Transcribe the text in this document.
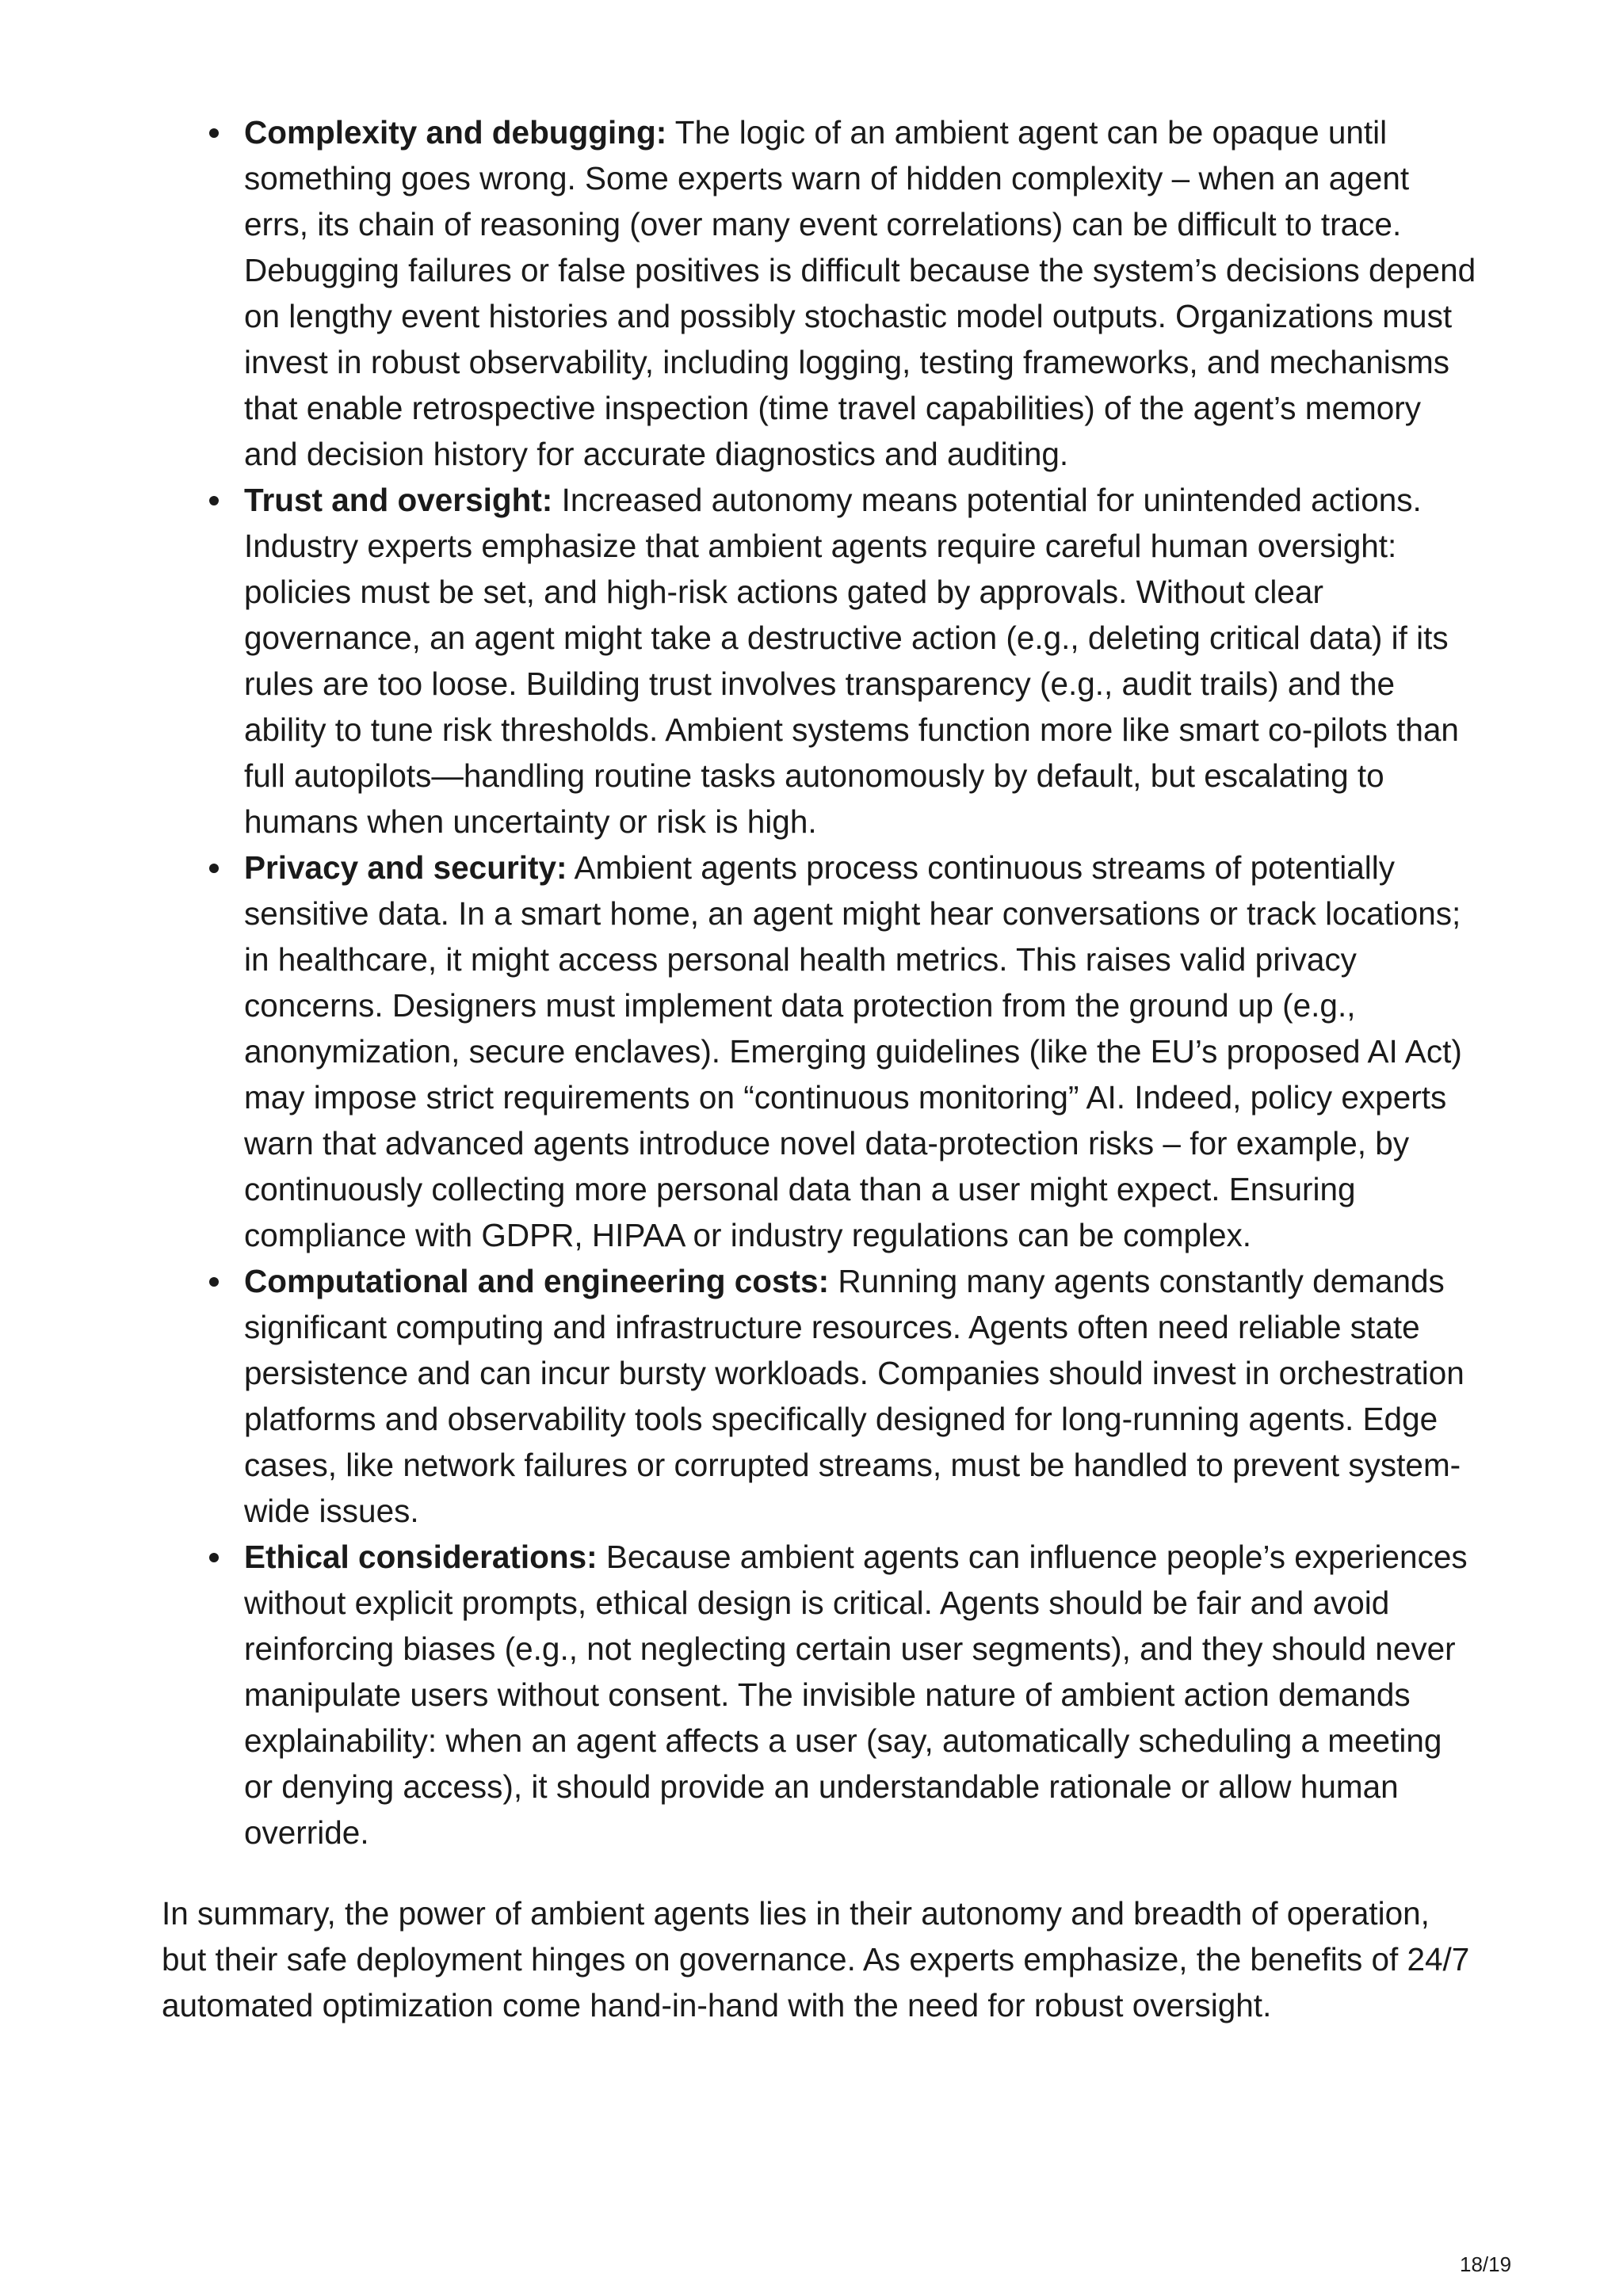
Complexity and debugging: The logic of an ambient agent can be opaque until something goes wrong. Some experts warn of hidden complexity – when an agent errs, its chain of reasoning (over many event correlations) can be difficult to trace. Debugging failures or false positives is difficult because the system’s decisions depend on lengthy event histories and possibly stochastic model outputs. Organizations must invest in robust observability, including logging, testing frameworks, and mechanisms that enable retrospective inspection (time travel capabilities) of the agent’s memory and decision history for accurate diagnostics and auditing.
Trust and oversight: Increased autonomy means potential for unintended actions. Industry experts emphasize that ambient agents require careful human oversight: policies must be set, and high-risk actions gated by approvals. Without clear governance, an agent might take a destructive action (e.g., deleting critical data) if its rules are too loose. Building trust involves transparency (e.g., audit trails) and the ability to tune risk thresholds. Ambient systems function more like smart co-pilots than full autopilots—handling routine tasks autonomously by default, but escalating to humans when uncertainty or risk is high.
Privacy and security: Ambient agents process continuous streams of potentially sensitive data. In a smart home, an agent might hear conversations or track locations; in healthcare, it might access personal health metrics. This raises valid privacy concerns. Designers must implement data protection from the ground up (e.g., anonymization, secure enclaves). Emerging guidelines (like the EU’s proposed AI Act) may impose strict requirements on “continuous monitoring” AI. Indeed, policy experts warn that advanced agents introduce novel data-protection risks – for example, by continuously collecting more personal data than a user might expect. Ensuring compliance with GDPR, HIPAA or industry regulations can be complex.
Computational and engineering costs: Running many agents constantly demands significant computing and infrastructure resources. Agents often need reliable state persistence and can incur bursty workloads. Companies should invest in orchestration platforms and observability tools specifically designed for long-running agents. Edge cases, like network failures or corrupted streams, must be handled to prevent system-wide issues.
Ethical considerations: Because ambient agents can influence people’s experiences without explicit prompts, ethical design is critical. Agents should be fair and avoid reinforcing biases (e.g., not neglecting certain user segments), and they should never manipulate users without consent. The invisible nature of ambient action demands explainability: when an agent affects a user (say, automatically scheduling a meeting or denying access), it should provide an understandable rationale or allow human override.

In summary, the power of ambient agents lies in their autonomy and breadth of operation, but their safe deployment hinges on governance. As experts emphasize, the benefits of 24/7 automated optimization come hand-in-hand with the need for robust oversight.

18/19
